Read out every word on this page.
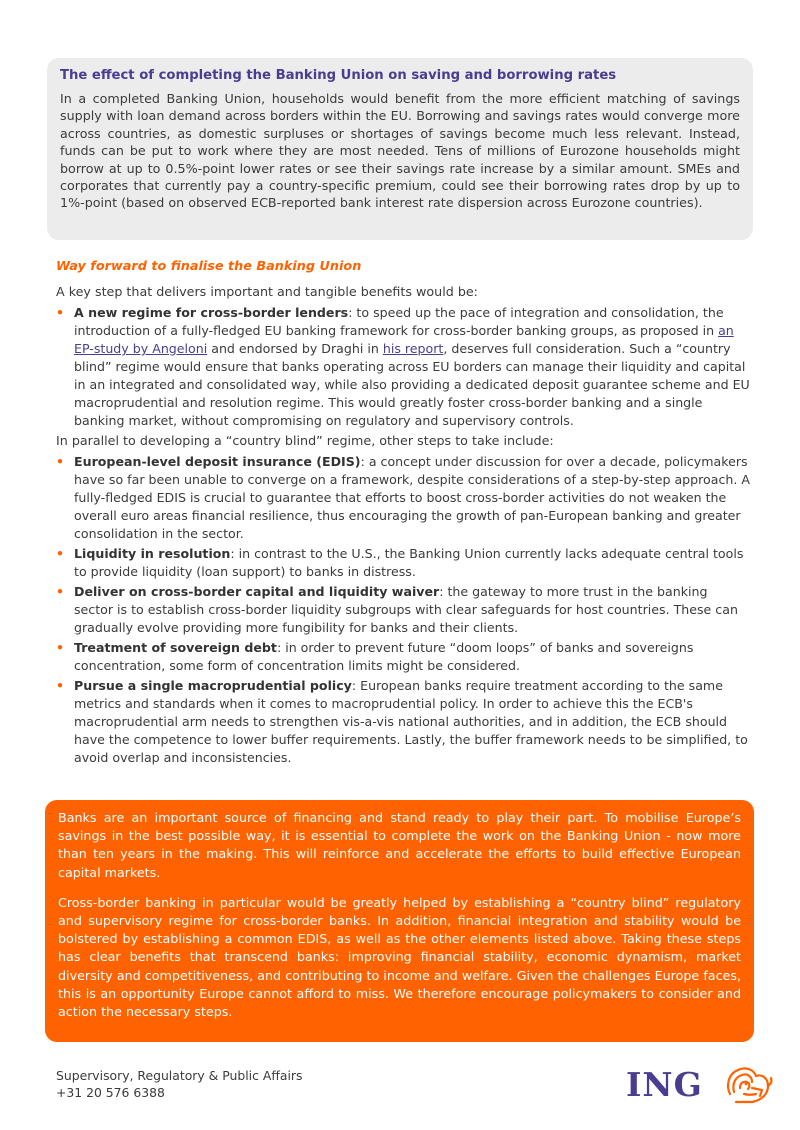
The effect of completing the Banking Union on saving and borrowing rates

In a completed Banking Union, households would benefit from the more efficient matching of savings supply with loan demand across borders within the EU. Borrowing and savings rates would converge more across countries, as domestic surpluses or shortages of savings become much less relevant. Instead, funds can be put to work where they are most needed. Tens of millions of Eurozone households might borrow at up to 0.5%-point lower rates or see their savings rate increase by a similar amount. SMEs and corporates that currently pay a country-specific premium, could see their borrowing rates drop by up to 1%-point (based on observed ECB-reported bank interest rate dispersion across Eurozone countries).

Way forward to finalise the Banking Union

A key step that delivers important and tangible benefits would be:

• A new regime for cross-border lenders: to speed up the pace of integration and consolidation, the introduction of a fully-fledged EU banking framework for cross-border banking groups, as proposed in an EP-study by Angeloni and endorsed by Draghi in his report, deserves full consideration. Such a “country blind” regime would ensure that banks operating across EU borders can manage their liquidity and capital in an integrated and consolidated way, while also providing a dedicated deposit guarantee scheme and EU macroprudential and resolution regime. This would greatly foster cross-border banking and a single banking market, without compromising on regulatory and supervisory controls.

In parallel to developing a “country blind” regime, other steps to take include:

• European-level deposit insurance (EDIS): a concept under discussion for over a decade, policymakers have so far been unable to converge on a framework, despite considerations of a step-by-step approach. A fully-fledged EDIS is crucial to guarantee that efforts to boost cross-border activities do not weaken the overall euro areas financial resilience, thus encouraging the growth of pan-European banking and greater consolidation in the sector.
• Liquidity in resolution: in contrast to the U.S., the Banking Union currently lacks adequate central tools to provide liquidity (loan support) to banks in distress.
• Deliver on cross-border capital and liquidity waiver: the gateway to more trust in the banking sector is to establish cross-border liquidity subgroups with clear safeguards for host countries. These can gradually evolve providing more fungibility for banks and their clients.
• Treatment of sovereign debt: in order to prevent future “doom loops” of banks and sovereigns concentration, some form of concentration limits might be considered.
• Pursue a single macroprudential policy: European banks require treatment according to the same metrics and standards when it comes to macroprudential policy. In order to achieve this the ECB's macroprudential arm needs to strengthen vis-a-vis national authorities, and in addition, the ECB should have the competence to lower buffer requirements. Lastly, the buffer framework needs to be simplified, to avoid overlap and inconsistencies.

Banks are an important source of financing and stand ready to play their part. To mobilise Europe’s savings in the best possible way, it is essential to complete the work on the Banking Union - now more than ten years in the making. This will reinforce and accelerate the efforts to build effective European capital markets.

Cross-border banking in particular would be greatly helped by establishing a “country blind” regulatory and supervisory regime for cross-border banks. In addition, financial integration and stability would be bolstered by establishing a common EDIS, as well as the other elements listed above. Taking these steps has clear benefits that transcend banks: improving financial stability, economic dynamism, market diversity and competitiveness, and contributing to income and welfare. Given the challenges Europe faces, this is an opportunity Europe cannot afford to miss. We therefore encourage policymakers to consider and action the necessary steps.

Supervisory, Regulatory & Public Affairs
+31 20 576 6388	ING
